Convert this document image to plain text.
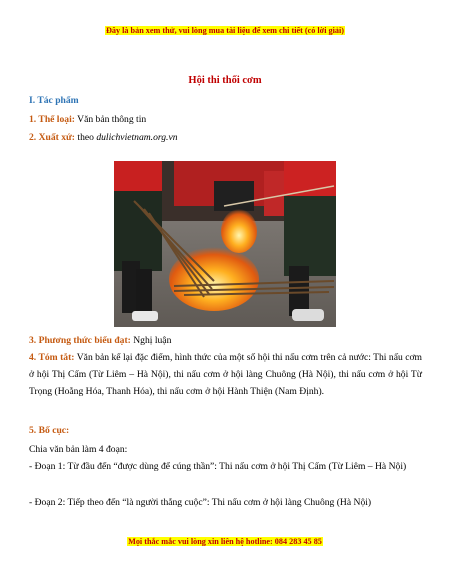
Đây là bản xem thử, vui lòng mua tài liệu để xem chi tiết (có lời giải)
Hội thi thổi cơm
I. Tác phẩm
1. Thể loại: Văn bản thông tin
2. Xuất xứ: theo dulichvietnam.org.vn
3. Phương thức biểu đạt: Nghị luận
4. Tóm tắt: Văn bản kể lại đặc điểm, hình thức của một số hội thi nấu cơm trên cả nước: Thi nấu cơm ở hội Thị Cấm (Từ Liêm – Hà Nội), thi nấu cơm ở hội làng Chuông (Hà Nội), thi nấu cơm ở hội Từ Trọng (Hoằng Hóa, Thanh Hóa), thi nấu cơm ở hội Hành Thiện (Nam Định).
5. Bố cục:
Chia văn bản làm 4 đoạn:
- Đoạn 1: Từ đầu đến “được dùng để cúng thần”: Thi nấu cơm ở hội Thị Cấm (Từ Liêm – Hà Nội)
- Đoạn 2: Tiếp theo đến “là người thắng cuộc”: Thi nấu cơm ở hội làng Chuông (Hà Nội)
Mọi thắc mắc vui lòng xin liên hệ hotline: 084 283 45 85
